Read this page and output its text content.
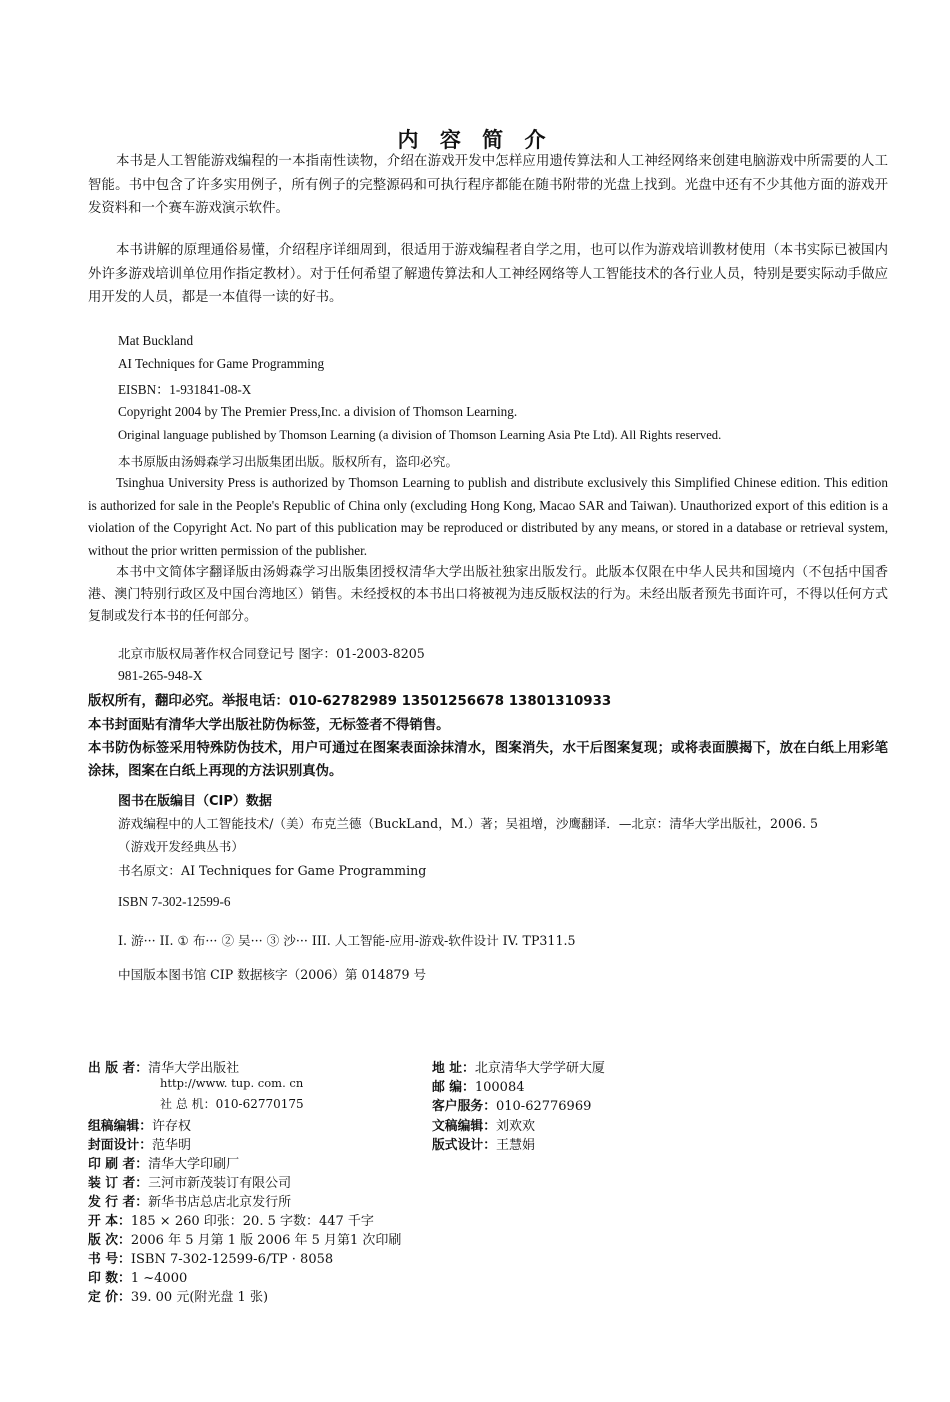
内 容 简 介
本书是人工智能游戏编程的一本指南性读物，介绍在游戏开发中怎样应用遗传算法和人工神经网络来创建电脑游戏中所需要的人工智能。书中包含了许多实用例子，所有例子的完整源码和可执行程序都能在随书附带的光盘上找到。光盘中还有不少其他方面的游戏开发资料和一个赛车游戏演示软件。
本书讲解的原理通俗易懂，介绍程序详细周到，很适用于游戏编程者自学之用，也可以作为游戏培训教材使用（本书实际已被国内外许多游戏培训单位用作指定教材）。对于任何希望了解遗传算法和人工神经网络等人工智能技术的各行业人员，特别是要实际动手做应用开发的人员，都是一本值得一读的好书。
Mat Buckland
AI Techniques for Game Programming
EISBN：1-931841-08-X
Copyright 2004 by The Premier Press,Inc. a division of Thomson Learning.
Original language published by Thomson Learning (a division of Thomson Learning Asia Pte Ltd). All Rights reserved.
本书原版由汤姆森学习出版集团出版。版权所有，盗印必究。
Tsinghua University Press is authorized by Thomson Learning to publish and distribute exclusively this Simplified Chinese edition. This edition is authorized for sale in the People's Republic of China only (excluding Hong Kong, Macao SAR and Taiwan). Unauthorized export of this edition is a violation of the Copyright Act. No part of this publication may be reproduced or distributed by any means, or stored in a database or retrieval system, without the prior written permission of the publisher.
本书中文简体字翻译版由汤姆森学习出版集团授权清华大学出版社独家出版发行。此版本仅限在中华人民共和国境内（不包括中国香港、澳门特别行政区及中国台湾地区）销售。未经授权的本书出口将被视为违反版权法的行为。未经出版者预先书面许可，不得以任何方式复制或发行本书的任何部分。
北京市版权局著作权合同登记号 图字：01-2003-8205
981-265-948-X
版权所有，翻印必究。举报电话：010-62782989 13501256678 13801310933
本书封面贴有清华大学出版社防伪标签，无标签者不得销售。
本书防伪标签采用特殊防伪技术，用户可通过在图案表面涂抹清水，图案消失，水干后图案复现；或将表面膜揭下，放在白纸上用彩笔涂抹，图案在白纸上再现的方法识别真伪。
图书在版编目（CIP）数据
游戏编程中的人工智能技术/（美）布克兰德（BuckLand，M.）著；吴祖增，沙鹰翻译．—北京：清华大学出版社，2006. 5
（游戏开发经典丛书）
书名原文：AI Techniques for Game Programming
ISBN 7-302-12599-6
I. 游··· II. ① 布··· ② 吴··· ③ 沙··· III. 人工智能-应用-游戏-软件设计 IV. TP311.5
中国版本图书馆 CIP 数据核字（2006）第 014879 号
出 版 者：清华大学出版社
http://www. tup. com. cn
社 总 机：010-62770175
组稿编辑：许存权
封面设计：范华明
印 刷 者：清华大学印刷厂
装 订 者：三河市新茂装订有限公司
发 行 者：新华书店总店北京发行所
开 本：185 × 260 印张：20. 5 字数：447 千字
版 次：2006 年 5 月第 1 版 2006 年 5 月第1 次印刷
书 号：ISBN 7-302-12599-6/TP · 8058
印 数：1 ~4000
定 价：39. 00 元(附光盘 1 张)
地 址：北京清华大学学研大厦
邮 编：100084
客户服务：010-62776969
文稿编辑：刘欢欢
版式设计：王慧娟
